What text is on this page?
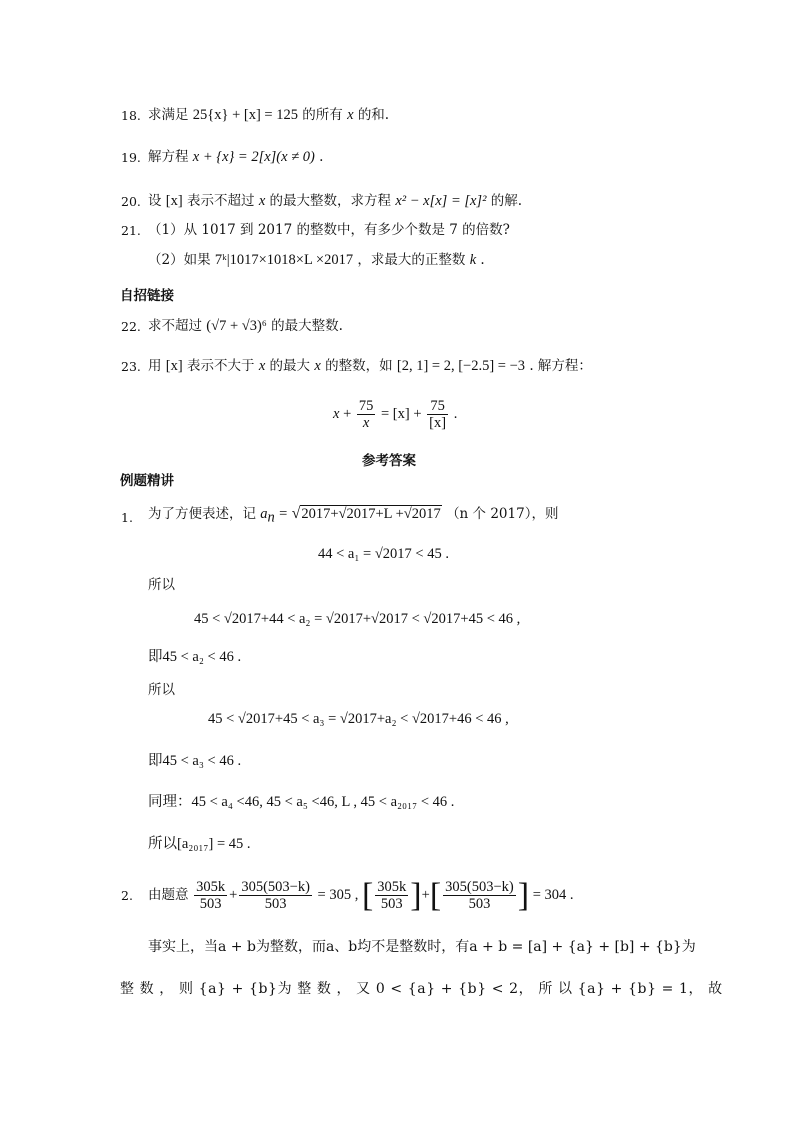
18. 求满足 25{x} + [x] = 125 的所有 x 的和.
19. 解方程 x + {x} = 2[x](x ≠ 0) .
20. 设 [x] 表示不超过 x 的最大整数，求方程 x² − x[x] = [x]² 的解.
21. （1）从 1017 到 2017 的整数中，有多少个数是 7 的倍数?
（2）如果 7ᵏ|1017×1018×L ×2017 ，求最大的正整数 k .
自招链接
22. 求不超过 (√7 + √3)⁶ 的最大整数.
23. 用 [x] 表示不大于 x 的最大 x 的整数，如 [2, 1] = 2, [−2.5] = −3 . 解方程：
$x + \frac{75}{x} = [x] + \frac{75}{[x]}$ .
参考答案
例题精讲
1. 为了方便表述，记 $a_n = √2017+√2017+L +√2017$ （n 个 2017），则
44 < a₁ = √2017 < 45 .
所以
45 < √2017+44 < a₂ = √2017+√2017 < √2017+45 < 46 ,
即45 < a₂ < 46 .
所以
45 < √2017+45 < a₃ = √2017+a₂ < √2017+46 < 46 ,
即45 < a₃ < 46 .
同理：45 < a₄ <46, 45 < a₅ <46, L , 45 < a₂₀₁₇ < 46 .
所以[a₂₀₁₇] = 45 .
2. 由题意 $\frac{305k}{503} + \frac{305(503-k)}{503} = 305$ , [ $\frac{305k}{503}$ ]+[ $\frac{305(503-k)}{503}$ ] = 304 .
事实上，当a + b为整数，而a、b均不是整数时，有a + b = [a] + {a} + [b] + {b}为
整 数 ， 则 {a} + {b}为 整 数 ， 又 0 < {a} + {b} < 2， 所 以 {a} + {b} = 1， 故
